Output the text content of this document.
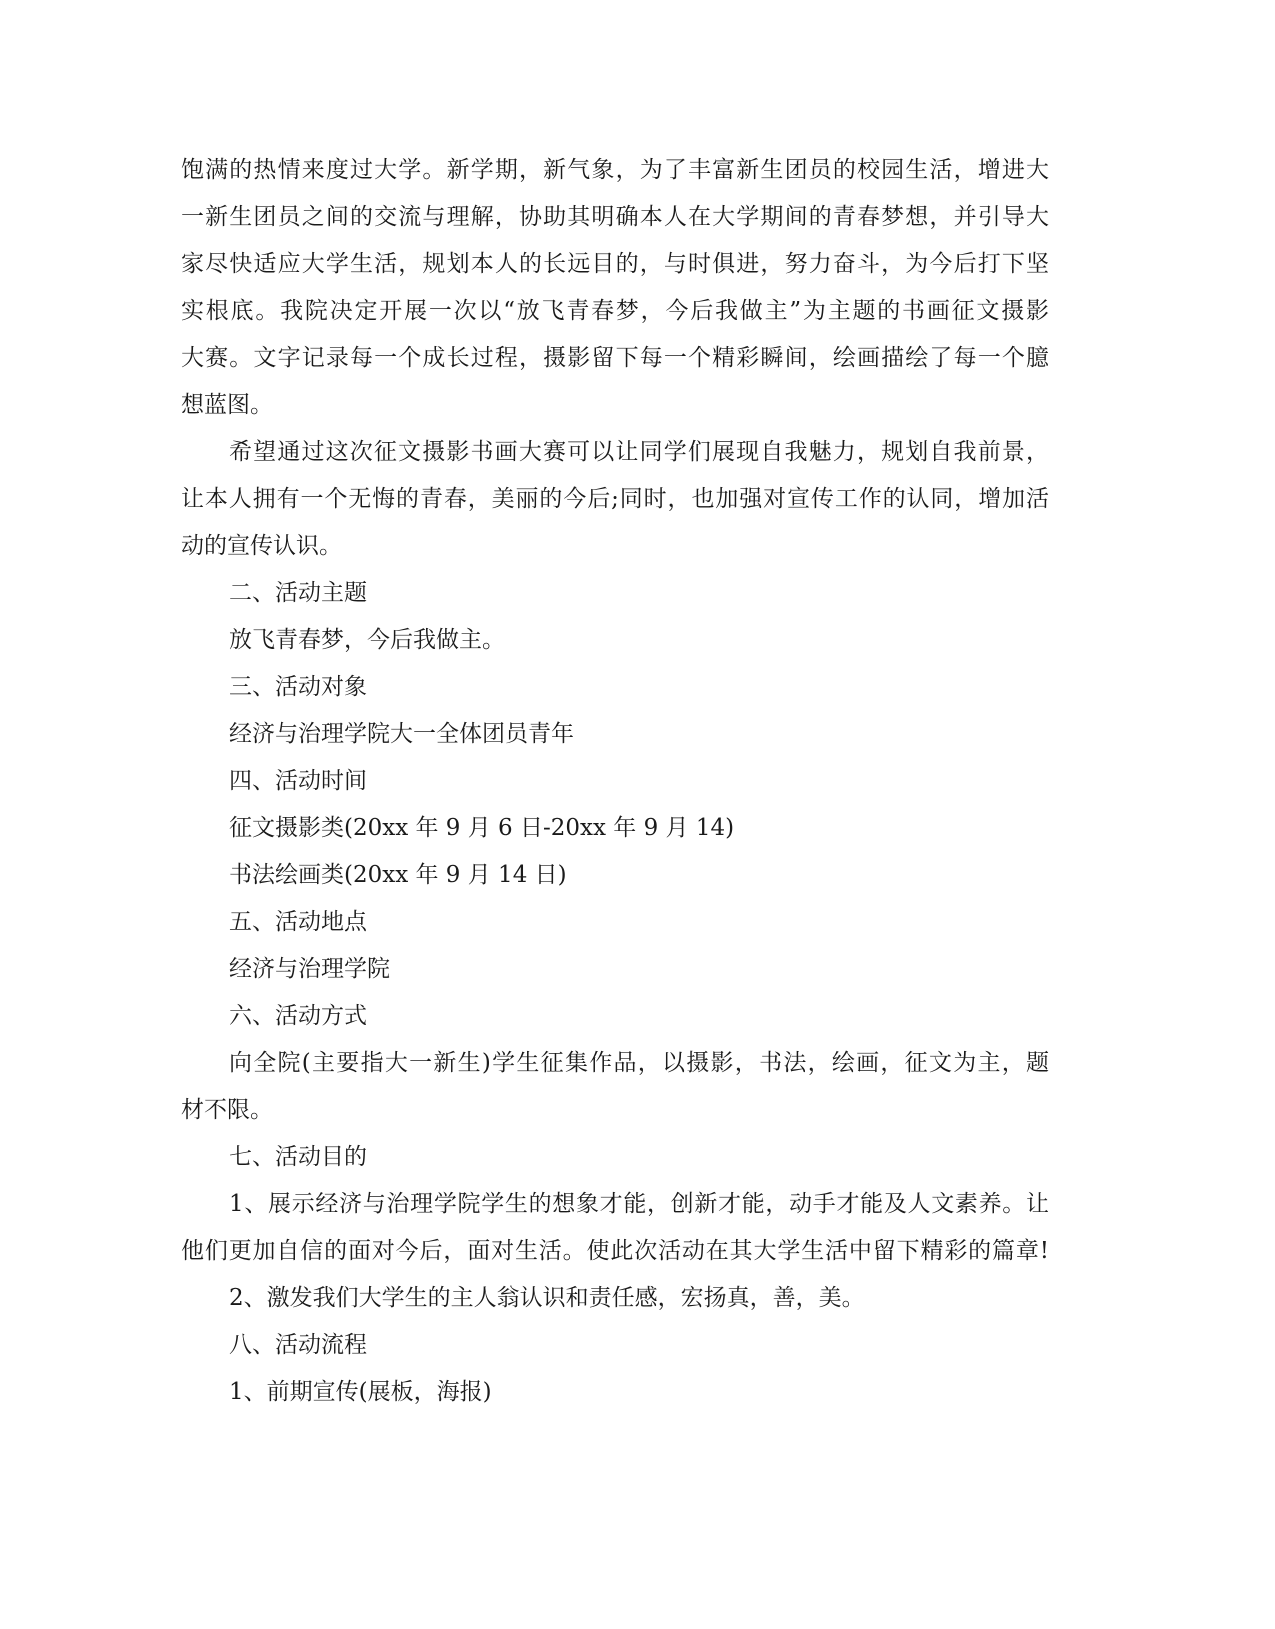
饱满的热情来度过大学。新学期，新气象，为了丰富新生团员的校园生活，增进大
一新生团员之间的交流与理解，协助其明确本人在大学期间的青春梦想，并引导大
家尽快适应大学生活，规划本人的长远目的，与时俱进，努力奋斗，为今后打下坚
实根底。我院决定开展一次以“放飞青春梦，今后我做主”为主题的书画征文摄影
大赛。文字记录每一个成长过程，摄影留下每一个精彩瞬间，绘画描绘了每一个臆
想蓝图。
希望通过这次征文摄影书画大赛可以让同学们展现自我魅力，规划自我前景，
让本人拥有一个无悔的青春，美丽的今后;同时，也加强对宣传工作的认同，增加活
动的宣传认识。
二、活动主题
放飞青春梦，今后我做主。
三、活动对象
经济与治理学院大一全体团员青年
四、活动时间
征文摄影类(20xx 年 9 月 6 日-20xx 年 9 月 14)
书法绘画类(20xx 年 9 月 14 日)
五、活动地点
经济与治理学院
六、活动方式
向全院(主要指大一新生)学生征集作品，以摄影，书法，绘画，征文为主，题
材不限。
七、活动目的
1、展示经济与治理学院学生的想象才能，创新才能，动手才能及人文素养。让
他们更加自信的面对今后，面对生活。使此次活动在其大学生活中留下精彩的篇章!
2、激发我们大学生的主人翁认识和责任感，宏扬真，善，美。
八、活动流程
1、前期宣传(展板，海报)
